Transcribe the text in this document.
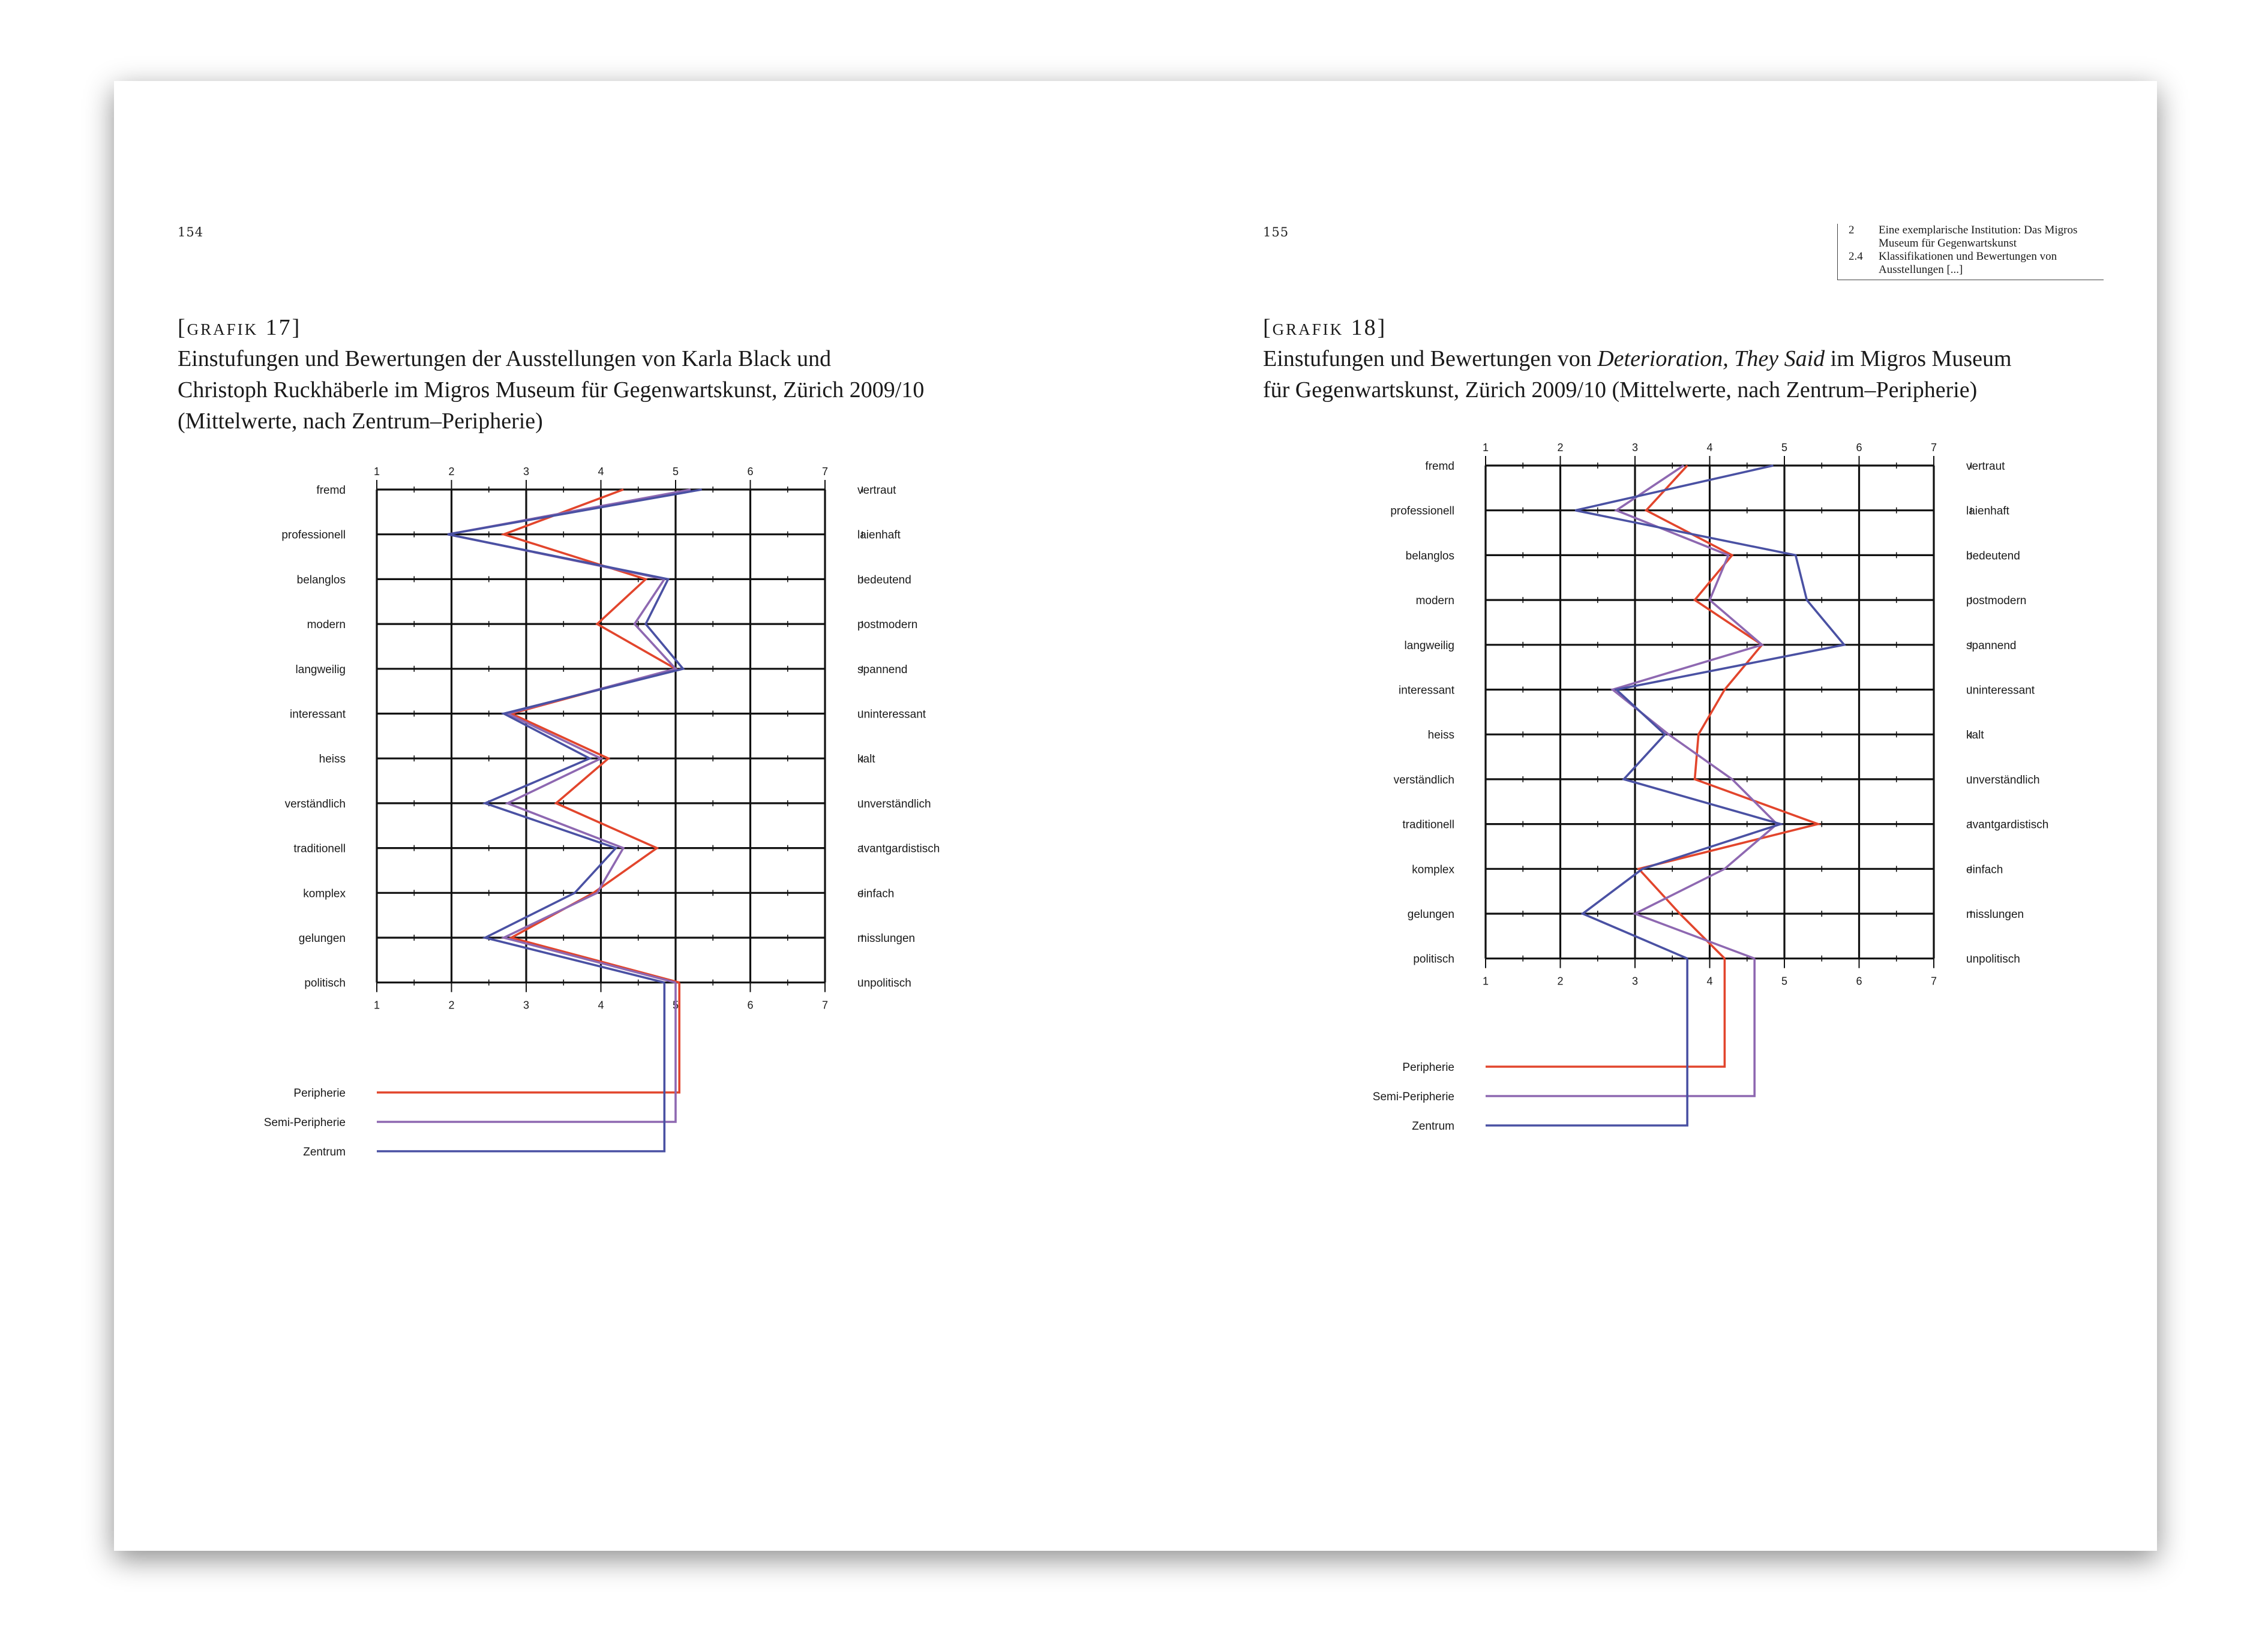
154
[grafik 17]
Einstufungen und Bewertungen der Ausstellungen von Karla Black und
Christoph Ruckhäberle im Migros Museum für Gegenwartskunst, Zürich 2009/10
(Mittelwerte, nach Zentrum–Peripherie)
155	2	Eine exemplarische Institution: Das Migros Museum für Gegenwartskunst
2.4	Klassifikationen und Bewertungen von Ausstellungen [...]
[grafik 18]
Einstufungen und Bewertungen von Deterioration, They Said im Migros Museum
für Gegenwartskunst, Zürich 2009/10 (Mittelwerte, nach Zentrum–Peripherie)
1
1
2
2
3
3
4
4
5
5
6
6
7
7
fremd
professionell
belanglos
modern
langweilig
interessant
heiss
verständlich
traditionell
komplex
gelungen
politisch
vertraut
laienhaft
bedeutend
postmodern
spannend
uninteressant
kalt
unverständlich
avantgardistisch
einfach
misslungen
unpolitisch
Peripherie
Semi-Peripherie
Zentrum
1
1
2
2
3
3
4
4
5
5
6
6
7
7
fremd
professionell
belanglos
modern
langweilig
interessant
heiss
verständlich
traditionell
komplex
gelungen
politisch
vertraut
laienhaft
bedeutend
postmodern
spannend
uninteressant
kalt
unverständlich
avantgardistisch
einfach
misslungen
unpolitisch
Peripherie
Semi-Peripherie
Zentrum
